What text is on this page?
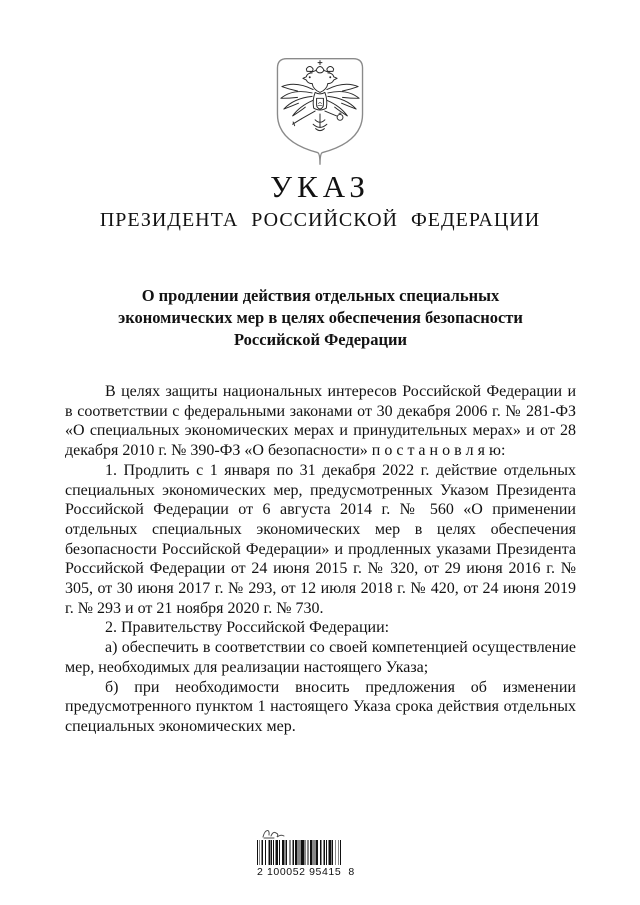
УКАЗ
ПРЕЗИДЕНТА РОССИЙСКОЙ ФЕДЕРАЦИИ
О продлении действия отдельных специальных
экономических мер в целях обеспечения безопасности
Российской Федерации

В целях защиты национальных интересов Российской Федерации и в соответствии с федеральными законами от 30 декабря 2006 г. № 281-ФЗ «О специальных экономических мерах и принудительных мерах» и от 28 декабря 2010 г. № 390-ФЗ «О безопасности» п о с т а н о в л я ю:

1. Продлить с 1 января по 31 декабря 2022 г. действие отдельных специальных экономических мер, предусмотренных Указом Президента Российской Федерации от 6 августа 2014 г. № 560 «О применении отдельных специальных экономических мер в целях обеспечения безопасности Российской Федерации» и продленных указами Президента Российской Федерации от 24 июня 2015 г. № 320, от 29 июня 2016 г. № 305, от 30 июня 2017 г. № 293, от 12 июля 2018 г. № 420, от 24 июня 2019 г. № 293 и от 21 ноября 2020 г. № 730.

2. Правительству Российской Федерации:

а) обеспечить в соответствии со своей компетенцией осуществление мер, необходимых для реализации настоящего Указа;

б) при необходимости вносить предложения об изменении предусмотренного пунктом 1 настоящего Указа срока действия отдельных специальных экономических мер.

2 100052 95415  8
